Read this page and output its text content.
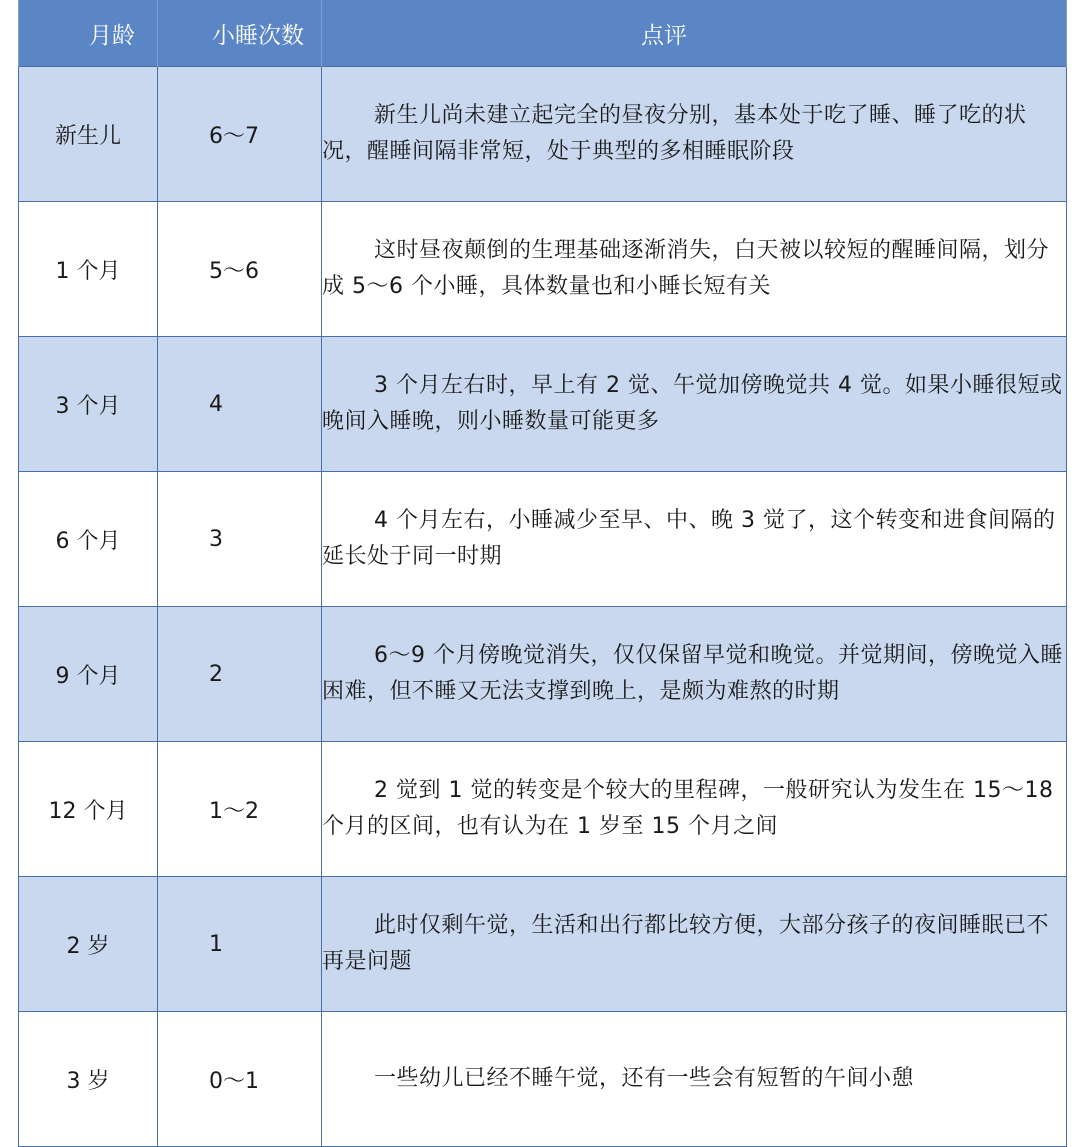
月龄	小睡次数	点评
新生儿	6～7	新生儿尚未建立起完全的昼夜分别，基本处于吃了睡、睡了吃的状况，醒睡间隔非常短，处于典型的多相睡眠阶段

1 个月	5～6	这时昼夜颠倒的生理基础逐渐消失，白天被以较短的醒睡间隔，划分成 5～6 个小睡，具体数量也和小睡长短有关

3 个月	4	3 个月左右时，早上有 2 觉、午觉加傍晚觉共 4 觉。如果小睡很短或晚间入睡晚，则小睡数量可能更多

6 个月	3	4 个月左右，小睡减少至早、中、晚 3 觉了，这个转变和进食间隔的延长处于同一时期

9 个月	2	6～9 个月傍晚觉消失，仅仅保留早觉和晚觉。并觉期间，傍晚觉入睡困难，但不睡又无法支撑到晚上，是颇为难熬的时期

12 个月	1～2	2 觉到 1 觉的转变是个较大的里程碑，一般研究认为发生在 15～18 个月的区间，也有认为在 1 岁至 15 个月之间

2 岁	1	此时仅剩午觉，生活和出行都比较方便，大部分孩子的夜间睡眠已不再是问题

3 岁	0～1	一些幼儿已经不睡午觉，还有一些会有短暂的午间小憩
